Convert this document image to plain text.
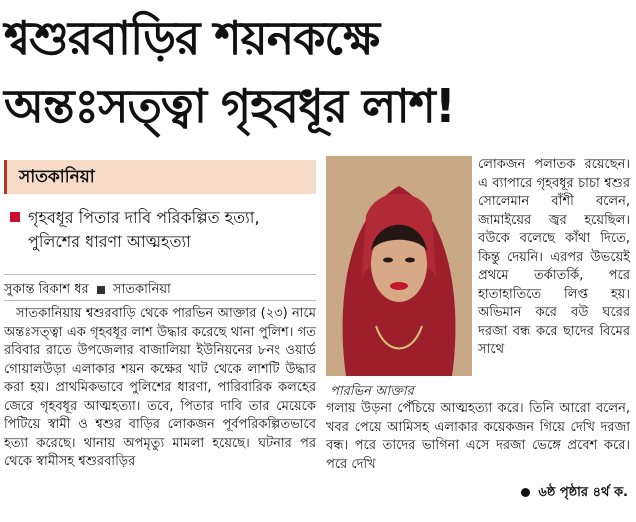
শ্বশুরবাড়ির শয়নকক্ষে
অন্তঃসত্ত্বা গৃহবধূর লাশ!
সাতকানিয়া
গৃহবধূর পিতার দাবি পরিকল্পিত হত্যা, পুলিশের ধারণা আত্মহত্যা
সুকান্ত বিকাশ ধর সাতকানিয়া
সাতকানিয়ায় শ্বশুরবাড়ি থেকে পারভিন আক্তার (২৩) নামে অন্তঃসত্ত্বা এক গৃহবধূর লাশ উদ্ধার করেছে থানা পুলিশ। গত রবিবার রাতে উপজেলার বাজালিয়া ইউনিয়নের ৮নং ওয়ার্ড গোয়ালউড়া এলাকার শয়ন কক্ষের খাট থেকে লাশটি উদ্ধার করা হয়। প্রাথমিকভাবে পুলিশের ধারণা, পারিবারিক কলহের জেরে গৃহবধূর আত্মহত্যা। তবে, পিতার দাবি তার মেয়েকে পিটিয়ে স্বামী ও শ্বশুর বাড়ির লোকজন পূর্বপরিকল্পিতভাবে হত্যা করেছে। থানায় অপমৃত্যু মামলা হয়েছে। ঘটনার পর থেকে স্বামীসহ শ্বশুরবাড়ির
পারভিন আক্তার
লোকজন পলাতক রয়েছেন। এ ব্যাপারে গৃহবধূর চাচা শ্বশুর সোলেমান বাঁশী বলেন, জামাইয়ের জ্বর হয়েছিল। বউকে বলেছে কাঁথা দিতে, কিন্তু দেয়নি। এরপর উভয়েই প্রথমে তর্কাতর্কি, পরে হাতাহাতিতে লিপ্ত হয়। অভিমান করে বউ ঘরের দরজা বন্ধ করে ছাদের বিমের সাথে
গলায় উড়না পেঁচিয়ে আত্মহত্যা করে। তিনি আরো বলেন, খবর পেয়ে আমিসহ এলাকার কয়েকজন গিয়ে দেখি দরজা বন্ধ। পরে তাদের ভাগিনা এসে দরজা ভেঙ্গে প্রবেশ করে। পরে দেখি
৬ষ্ঠ পৃষ্ঠার ৪র্থ ক.
